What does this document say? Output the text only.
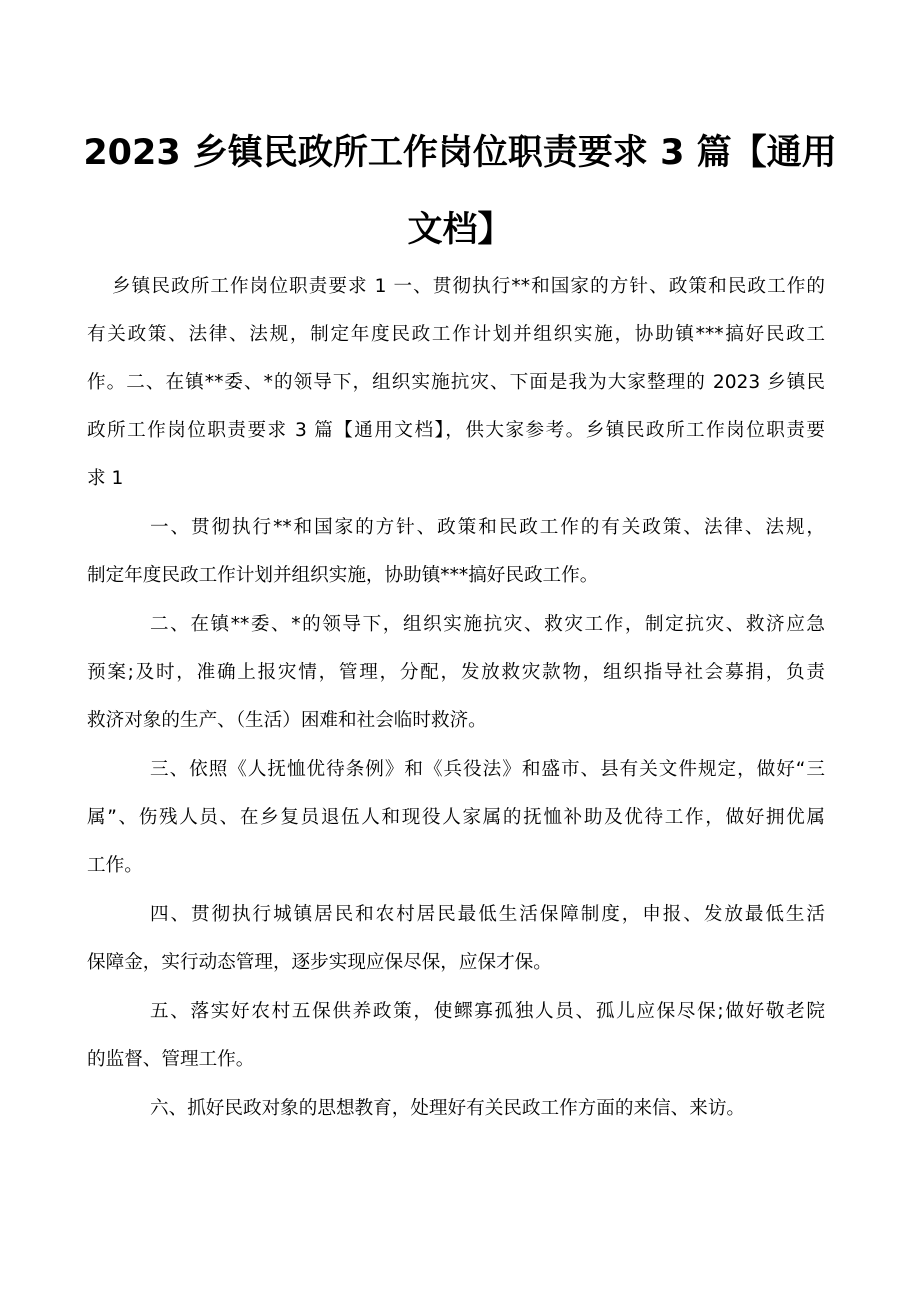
2023 乡镇民政所工作岗位职责要求 3 篇【通用
文档】
乡镇民政所工作岗位职责要求 1 一、贯彻执行**和国家的方针、政策和民政工作的
有关政策、法律、法规，制定年度民政工作计划并组织实施，协助镇***搞好民政工
作。二、在镇**委、*的领导下，组织实施抗灾、下面是我为大家整理的 2023 乡镇民
政所工作岗位职责要求 3 篇【通用文档】，供大家参考。乡镇民政所工作岗位职责要
求 1
一、贯彻执行**和国家的方针、政策和民政工作的有关政策、法律、法规，
制定年度民政工作计划并组织实施，协助镇***搞好民政工作。
二、在镇**委、*的领导下，组织实施抗灾、救灾工作，制定抗灾、救济应急
预案;及时，准确上报灾情，管理，分配，发放救灾款物，组织指导社会募捐，负责
救济对象的生产、（生活）困难和社会临时救济。
三、依照《人抚恤优待条例》和《兵役法》和盛市、县有关文件规定，做好“三
属”、伤残人员、在乡复员退伍人和现役人家属的抚恤补助及优待工作，做好拥优属
工作。
四、贯彻执行城镇居民和农村居民最低生活保障制度，申报、发放最低生活
保障金，实行动态管理，逐步实现应保尽保，应保才保。
五、落实好农村五保供养政策，使鳏寡孤独人员、孤儿应保尽保;做好敬老院
的监督、管理工作。
六、抓好民政对象的思想教育，处理好有关民政工作方面的来信、来访。
